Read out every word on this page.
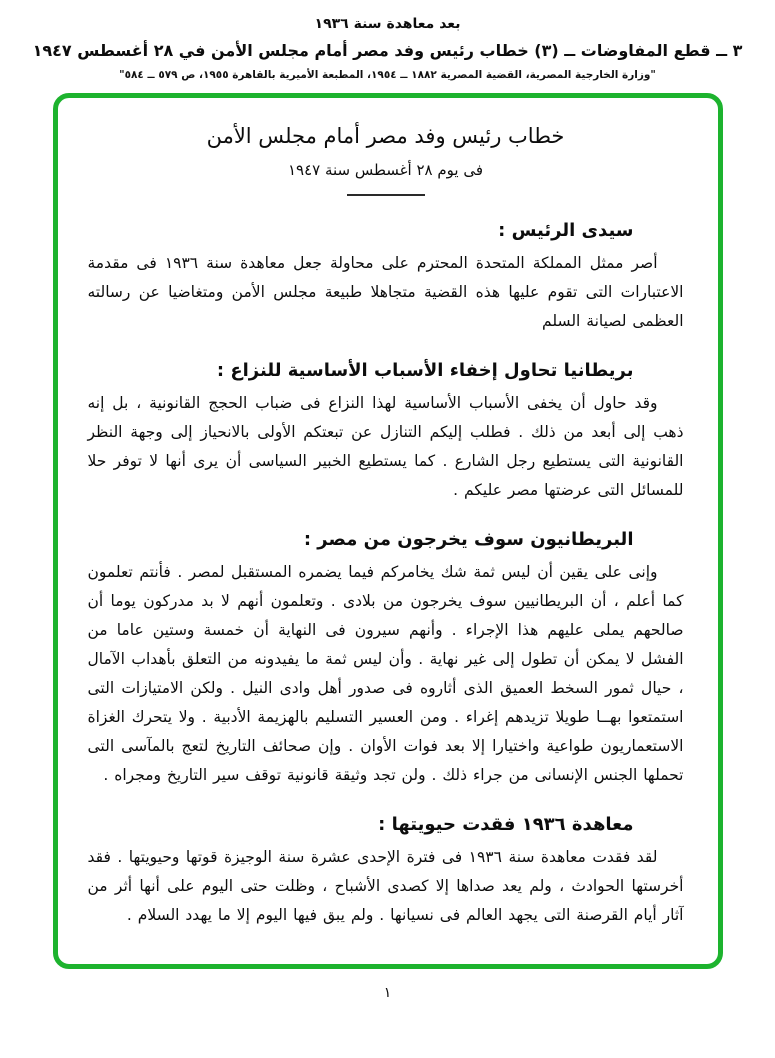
بعد معاهدة سنة ١٩٣٦
٣ ــ قطع المفاوضات ــ (٣) خطاب رئيس وفد مصر أمام مجلس الأمن في ٢٨ أغسطس ١٩٤٧
"وزارة الخارجية المصرية، القضية المصرية ١٨٨٢ ــ ١٩٥٤، المطبعة الأميرية بالقاهرة ١٩٥٥، ص ٥٧٩ ــ ٥٨٤"
خطاب رئيس وفد مصر أمام مجلس الأمن
فى يوم ٢٨ أغسطس سنة ١٩٤٧
سيدى الرئيس :

أصر ممثل المملكة المتحدة المحترم على محاولة جعل معاهدة سنة ١٩٣٦ فى مقدمة الاعتبارات التى تقوم عليها هذه القضية متجاهلا طبيعة مجلس الأمن ومتغاضيا عن رسالته العظمى لصيانة السلم

بريطانيا تحاول إخفاء الأسباب الأساسية للنزاع :

وقد حاول أن يخفى الأسباب الأساسية لهذا النزاع فى ضباب الحجج القانونية ، بل إنه ذهب إلى أبعد من ذلك . فطلب إليكم التنازل عن تبعتكم الأولى بالانحياز إلى وجهة النظر القانونية التى يستطيع رجل الشارع . كما يستطيع الخبير السياسى أن يرى أنها لا توفر حلا للمسائل التى عرضتها مصر عليكم .

البريطانيون سوف يخرجون من مصر :

وإنى على يقين أن ليس ثمة شك يخامركم فيما يضمره المستقبل لمصر . فأنتم تعلمون كما أعلم ، أن البريطانيين سوف يخرجون من بلادى . وتعلمون أنهم لا بد مدركون يوما أن صالحهم يملى عليهم هذا الإجراء . وأنهم سيرون فى النهاية أن خمسة وستين عاما من الفشل لا يمكن أن تطول إلى غير نهاية . وأن ليس ثمة ما يفيدونه من التعلق بأهداب الآمال ، حيال ثمور السخط العميق الذى أثاروه فى صدور أهل وادى النيل . ولكن الامتيازات التى استمتعوا بهــا طويلا تزيدهم إغراء . ومن العسير التسليم بالهزيمة الأدبية . ولا يتحرك الغزاة الاستعماريون طواعية واختيارا إلا بعد فوات الأوان . وإن صحائف التاريخ لتعج بالمآسى التى تحملها الجنس الإنسانى من جراء ذلك . ولن تجد وثيقة قانونية توقف سير التاريخ ومجراه .

معاهدة ١٩٣٦ فقدت حيويتها :

لقد فقدت معاهدة سنة ١٩٣٦ فى فترة الإحدى عشرة سنة الوجيزة قوتها وحيويتها . فقد أخرستها الحوادث ، ولم يعد صداها إلا كصدى الأشباح ، وظلت حتى اليوم على أنها أثر من آثار أيام القرصنة التى يجهد العالم فى نسيانها . ولم يبق فيها اليوم إلا ما يهدد السلام .

١
